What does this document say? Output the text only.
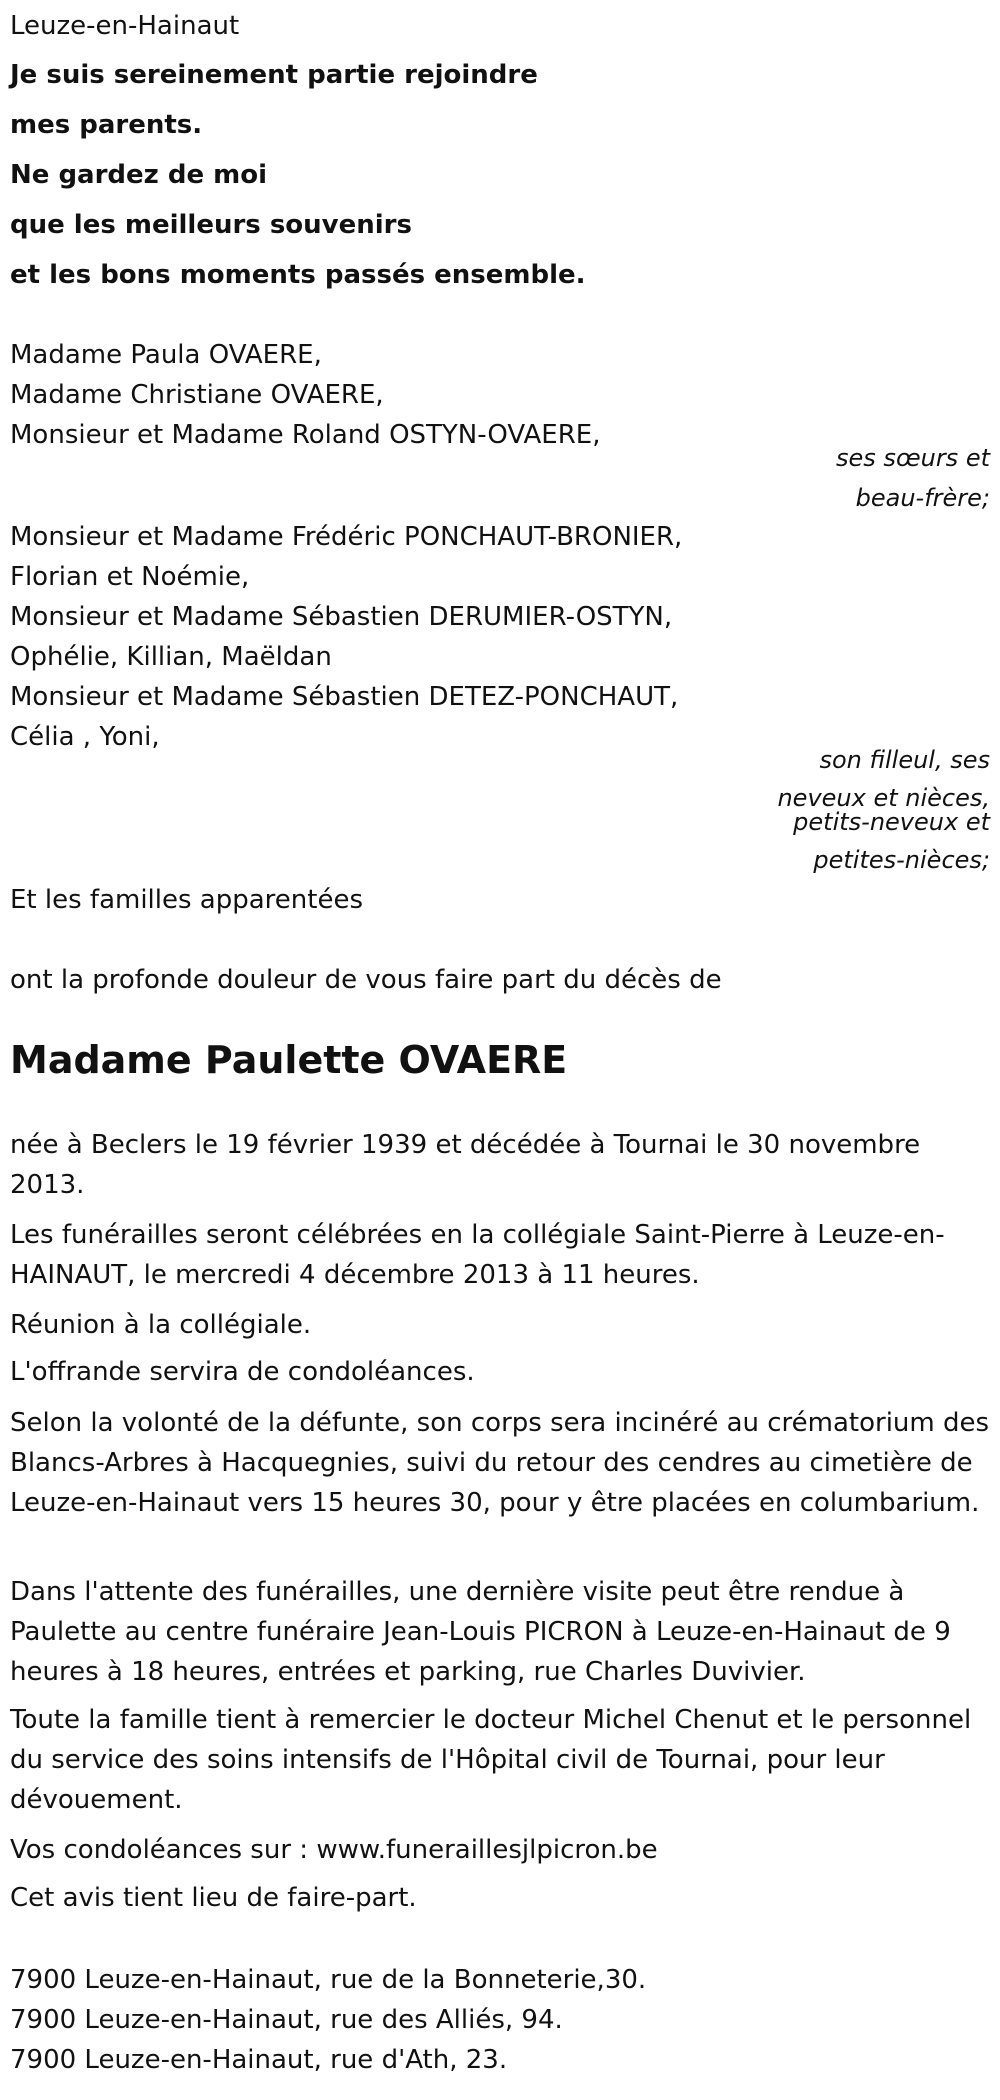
Leuze-en-Hainaut
Je suis sereinement partie rejoindre
mes parents.
Ne gardez de moi
que les meilleurs souvenirs
et les bons moments passés ensemble.
Madame Paula OVAERE,
Madame Christiane OVAERE,
Monsieur et Madame Roland OSTYN-OVAERE,
ses sœurs et
beau-frère;
Monsieur et Madame Frédéric PONCHAUT-BRONIER,
Florian et Noémie,
Monsieur et Madame Sébastien DERUMIER-OSTYN,
Ophélie, Killian, Maëldan
Monsieur et Madame Sébastien DETEZ-PONCHAUT,
Célia , Yoni,
son filleul, ses
neveux et nièces,
petits-neveux et
petites-nièces;
Et les familles apparentées
ont la profonde douleur de vous faire part du décès de
Madame Paulette OVAERE
née à Beclers le 19 février 1939 et décédée à Tournai le 30 novembre 2013.
Les funérailles seront célébrées en la collégiale Saint-Pierre à Leuze-en-HAINAUT, le mercredi 4 décembre 2013 à 11 heures.
Réunion à la collégiale.
L'offrande servira de condoléances.
Selon la volonté de la défunte, son corps sera incinéré au crématorium des Blancs-Arbres à Hacquegnies, suivi du retour des cendres au cimetière de Leuze-en-Hainaut vers 15 heures 30, pour y être placées en columbarium.
Dans l'attente des funérailles, une dernière visite peut être rendue à Paulette au centre funéraire Jean-Louis PICRON à Leuze-en-Hainaut de 9 heures à 18 heures, entrées et parking, rue Charles Duvivier.
Toute la famille tient à remercier le docteur Michel Chenut et le personnel du service des soins intensifs de l'Hôpital civil de Tournai, pour leur dévouement.
Vos condoléances sur : www.funeraillesjlpicron.be
Cet avis tient lieu de faire-part.
7900 Leuze-en-Hainaut, rue de la Bonneterie,30.
7900 Leuze-en-Hainaut, rue des Alliés, 94.
7900 Leuze-en-Hainaut, rue d'Ath, 23.
